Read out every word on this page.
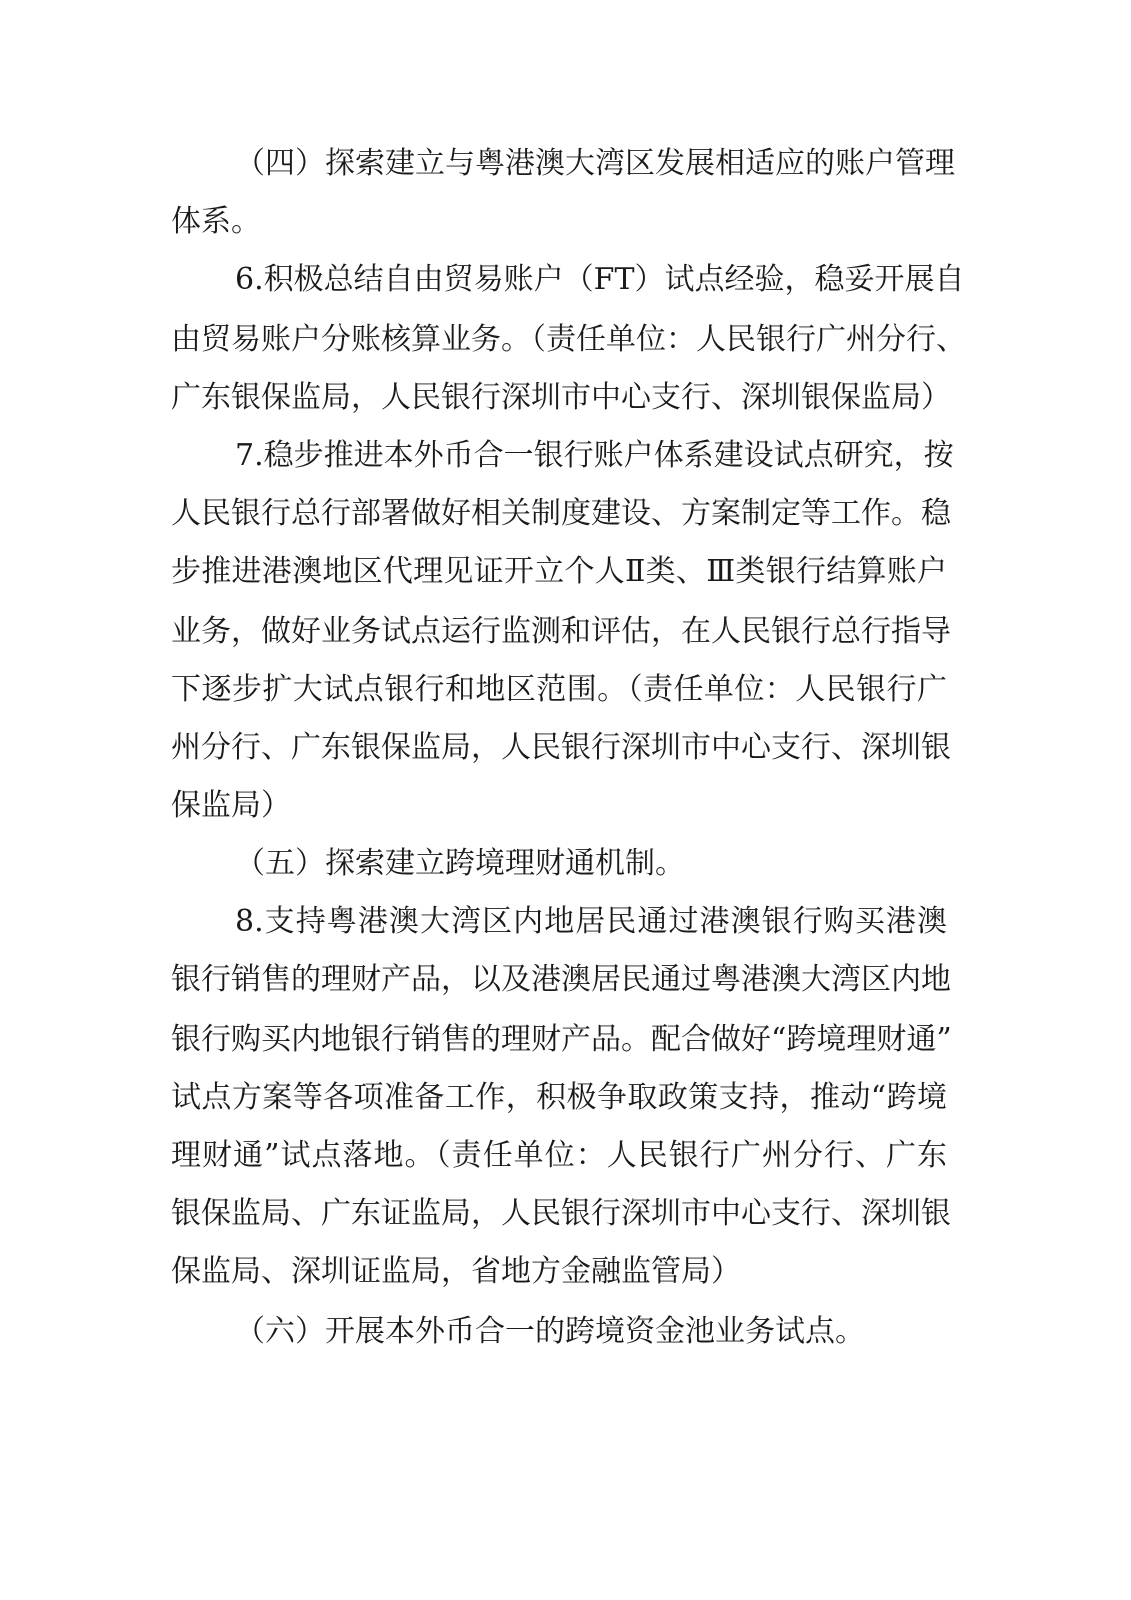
（四）探索建立与粤港澳大湾区发展相适应的账户管理
体系。
6.积极总结自由贸易账户（FT）试点经验，稳妥开展自
由贸易账户分账核算业务。（责任单位：人民银行广州分行、
广东银保监局，人民银行深圳市中心支行、深圳银保监局）
7.稳步推进本外币合一银行账户体系建设试点研究，按
人民银行总行部署做好相关制度建设、方案制定等工作。稳
步推进港澳地区代理见证开立个人Ⅱ类、Ⅲ类银行结算账户
业务，做好业务试点运行监测和评估，在人民银行总行指导
下逐步扩大试点银行和地区范围。（责任单位：人民银行广
州分行、广东银保监局，人民银行深圳市中心支行、深圳银
保监局）
（五）探索建立跨境理财通机制。
8.支持粤港澳大湾区内地居民通过港澳银行购买港澳
银行销售的理财产品，以及港澳居民通过粤港澳大湾区内地
银行购买内地银行销售的理财产品。配合做好“跨境理财通”
试点方案等各项准备工作，积极争取政策支持，推动“跨境
理财通”试点落地。（责任单位：人民银行广州分行、广东
银保监局、广东证监局，人民银行深圳市中心支行、深圳银
保监局、深圳证监局，省地方金融监管局）
（六）开展本外币合一的跨境资金池业务试点。
